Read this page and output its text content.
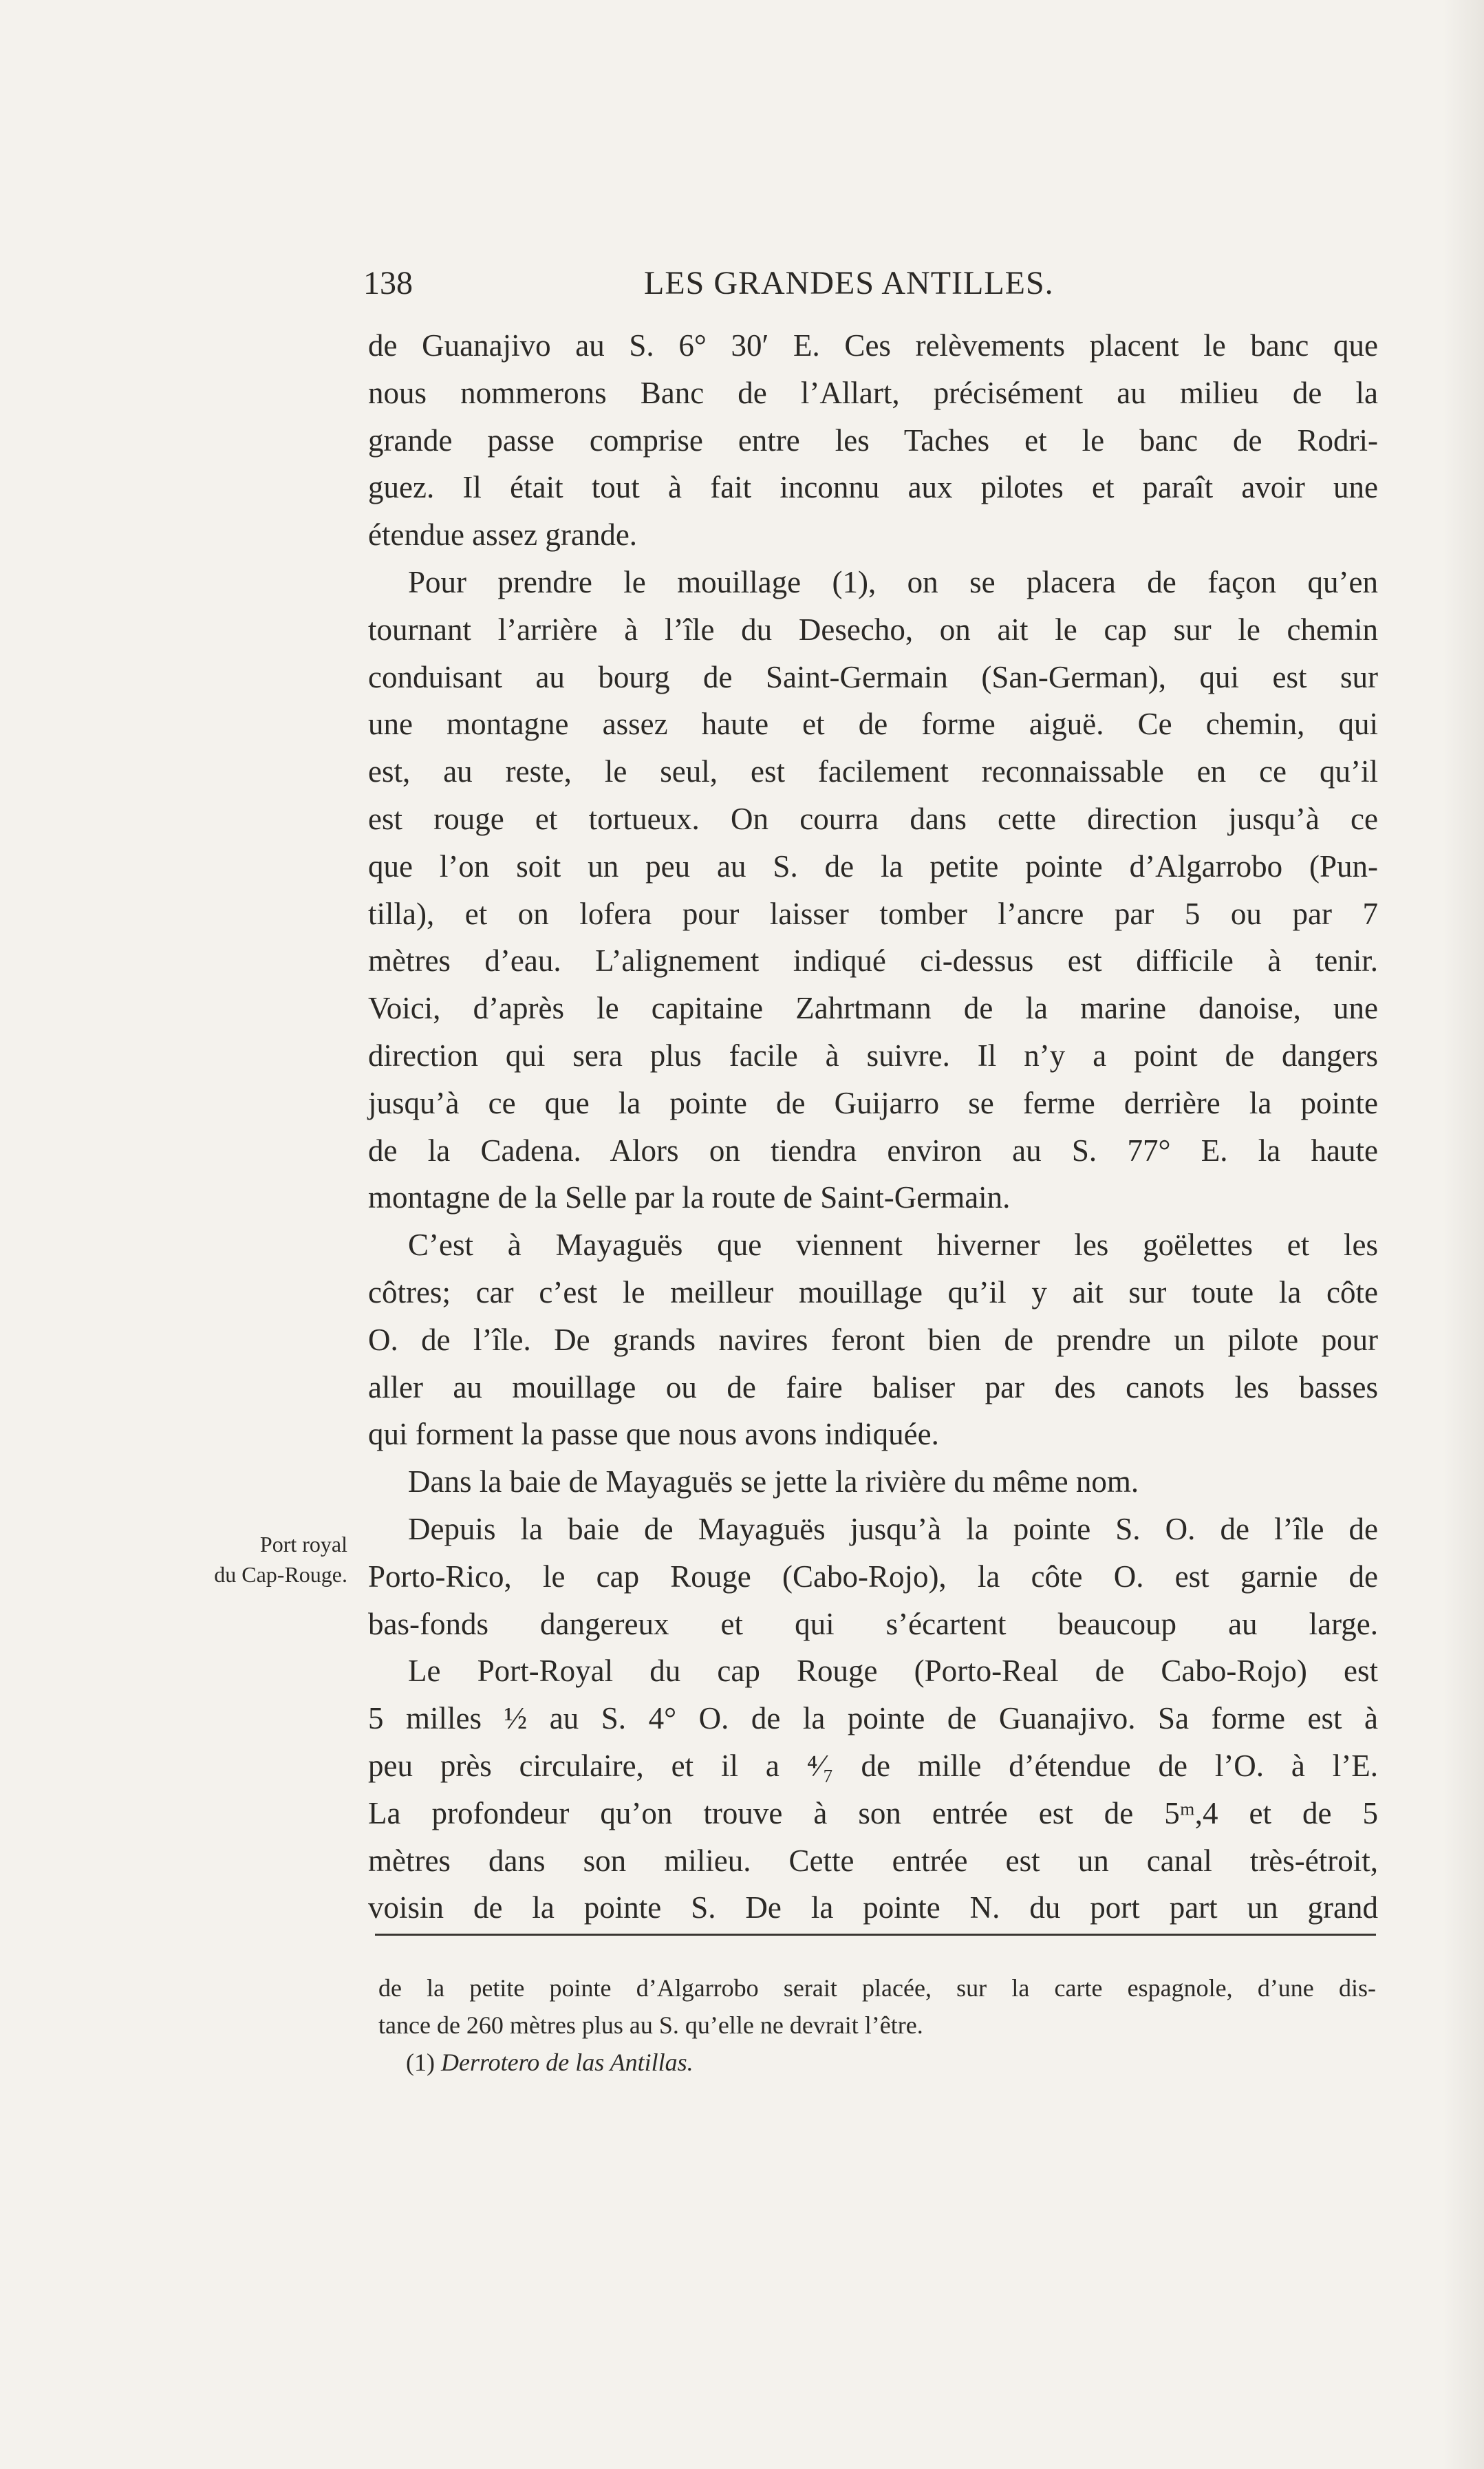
138	LES GRANDES ANTILLES.
Port royal
du Cap-Rouge.
de Guanajivo au S. 6° 30′ E. Ces relèvements placent le banc que
nous nommerons Banc de l’Allart, précisément au milieu de la
grande passe comprise entre les Taches et le banc de Rodri-
guez. Il était tout à fait inconnu aux pilotes et paraît avoir une
étendue assez grande.
Pour prendre le mouillage (1), on se placera de façon qu’en
tournant l’arrière à l’île du Desecho, on ait le cap sur le chemin
conduisant au bourg de Saint-Germain (San-German), qui est sur
une montagne assez haute et de forme aiguë. Ce chemin, qui
est, au reste, le seul, est facilement reconnaissable en ce qu’il
est rouge et tortueux. On courra dans cette direction jusqu’à ce
que l’on soit un peu au S. de la petite pointe d’Algarrobo (Pun-
tilla), et on lofera pour laisser tomber l’ancre par 5 ou par 7
mètres d’eau. L’alignement indiqué ci-dessus est difficile à tenir.
Voici, d’après le capitaine Zahrtmann de la marine danoise, une
direction qui sera plus facile à suivre. Il n’y a point de dangers
jusqu’à ce que la pointe de Guijarro se ferme derrière la pointe
de la Cadena. Alors on tiendra environ au S. 77° E. la haute
montagne de la Selle par la route de Saint-Germain.
C’est à Mayaguës que viennent hiverner les goëlettes et les
côtres; car c’est le meilleur mouillage qu’il y ait sur toute la côte
O. de l’île. De grands navires feront bien de prendre un pilote pour
aller au mouillage ou de faire baliser par des canots les basses
qui forment la passe que nous avons indiquée.
Dans la baie de Mayaguës se jette la rivière du même nom.
Depuis la baie de Mayaguës jusqu’à la pointe S. O. de l’île de
Porto-Rico, le cap Rouge (Cabo-Rojo), la côte O. est garnie de
bas-fonds dangereux et qui s’écartent beaucoup au large.
Le Port-Royal du cap Rouge (Porto-Real de Cabo-Rojo) est
5 milles ½ au S. 4° O. de la pointe de Guanajivo. Sa forme est à
peu près circulaire, et il a ⁴⁄₇ de mille d’étendue de l’O. à l’E.
La profondeur qu’on trouve à son entrée est de 5ᵐ,4 et de 5
mètres dans son milieu. Cette entrée est un canal très-étroit,
voisin de la pointe S. De la pointe N. du port part un grand
de la petite pointe d’Algarrobo serait placée, sur la carte espagnole, d’une dis-
tance de 260 mètres plus au S. qu’elle ne devrait l’être.
(1) Derrotero de las Antillas.
